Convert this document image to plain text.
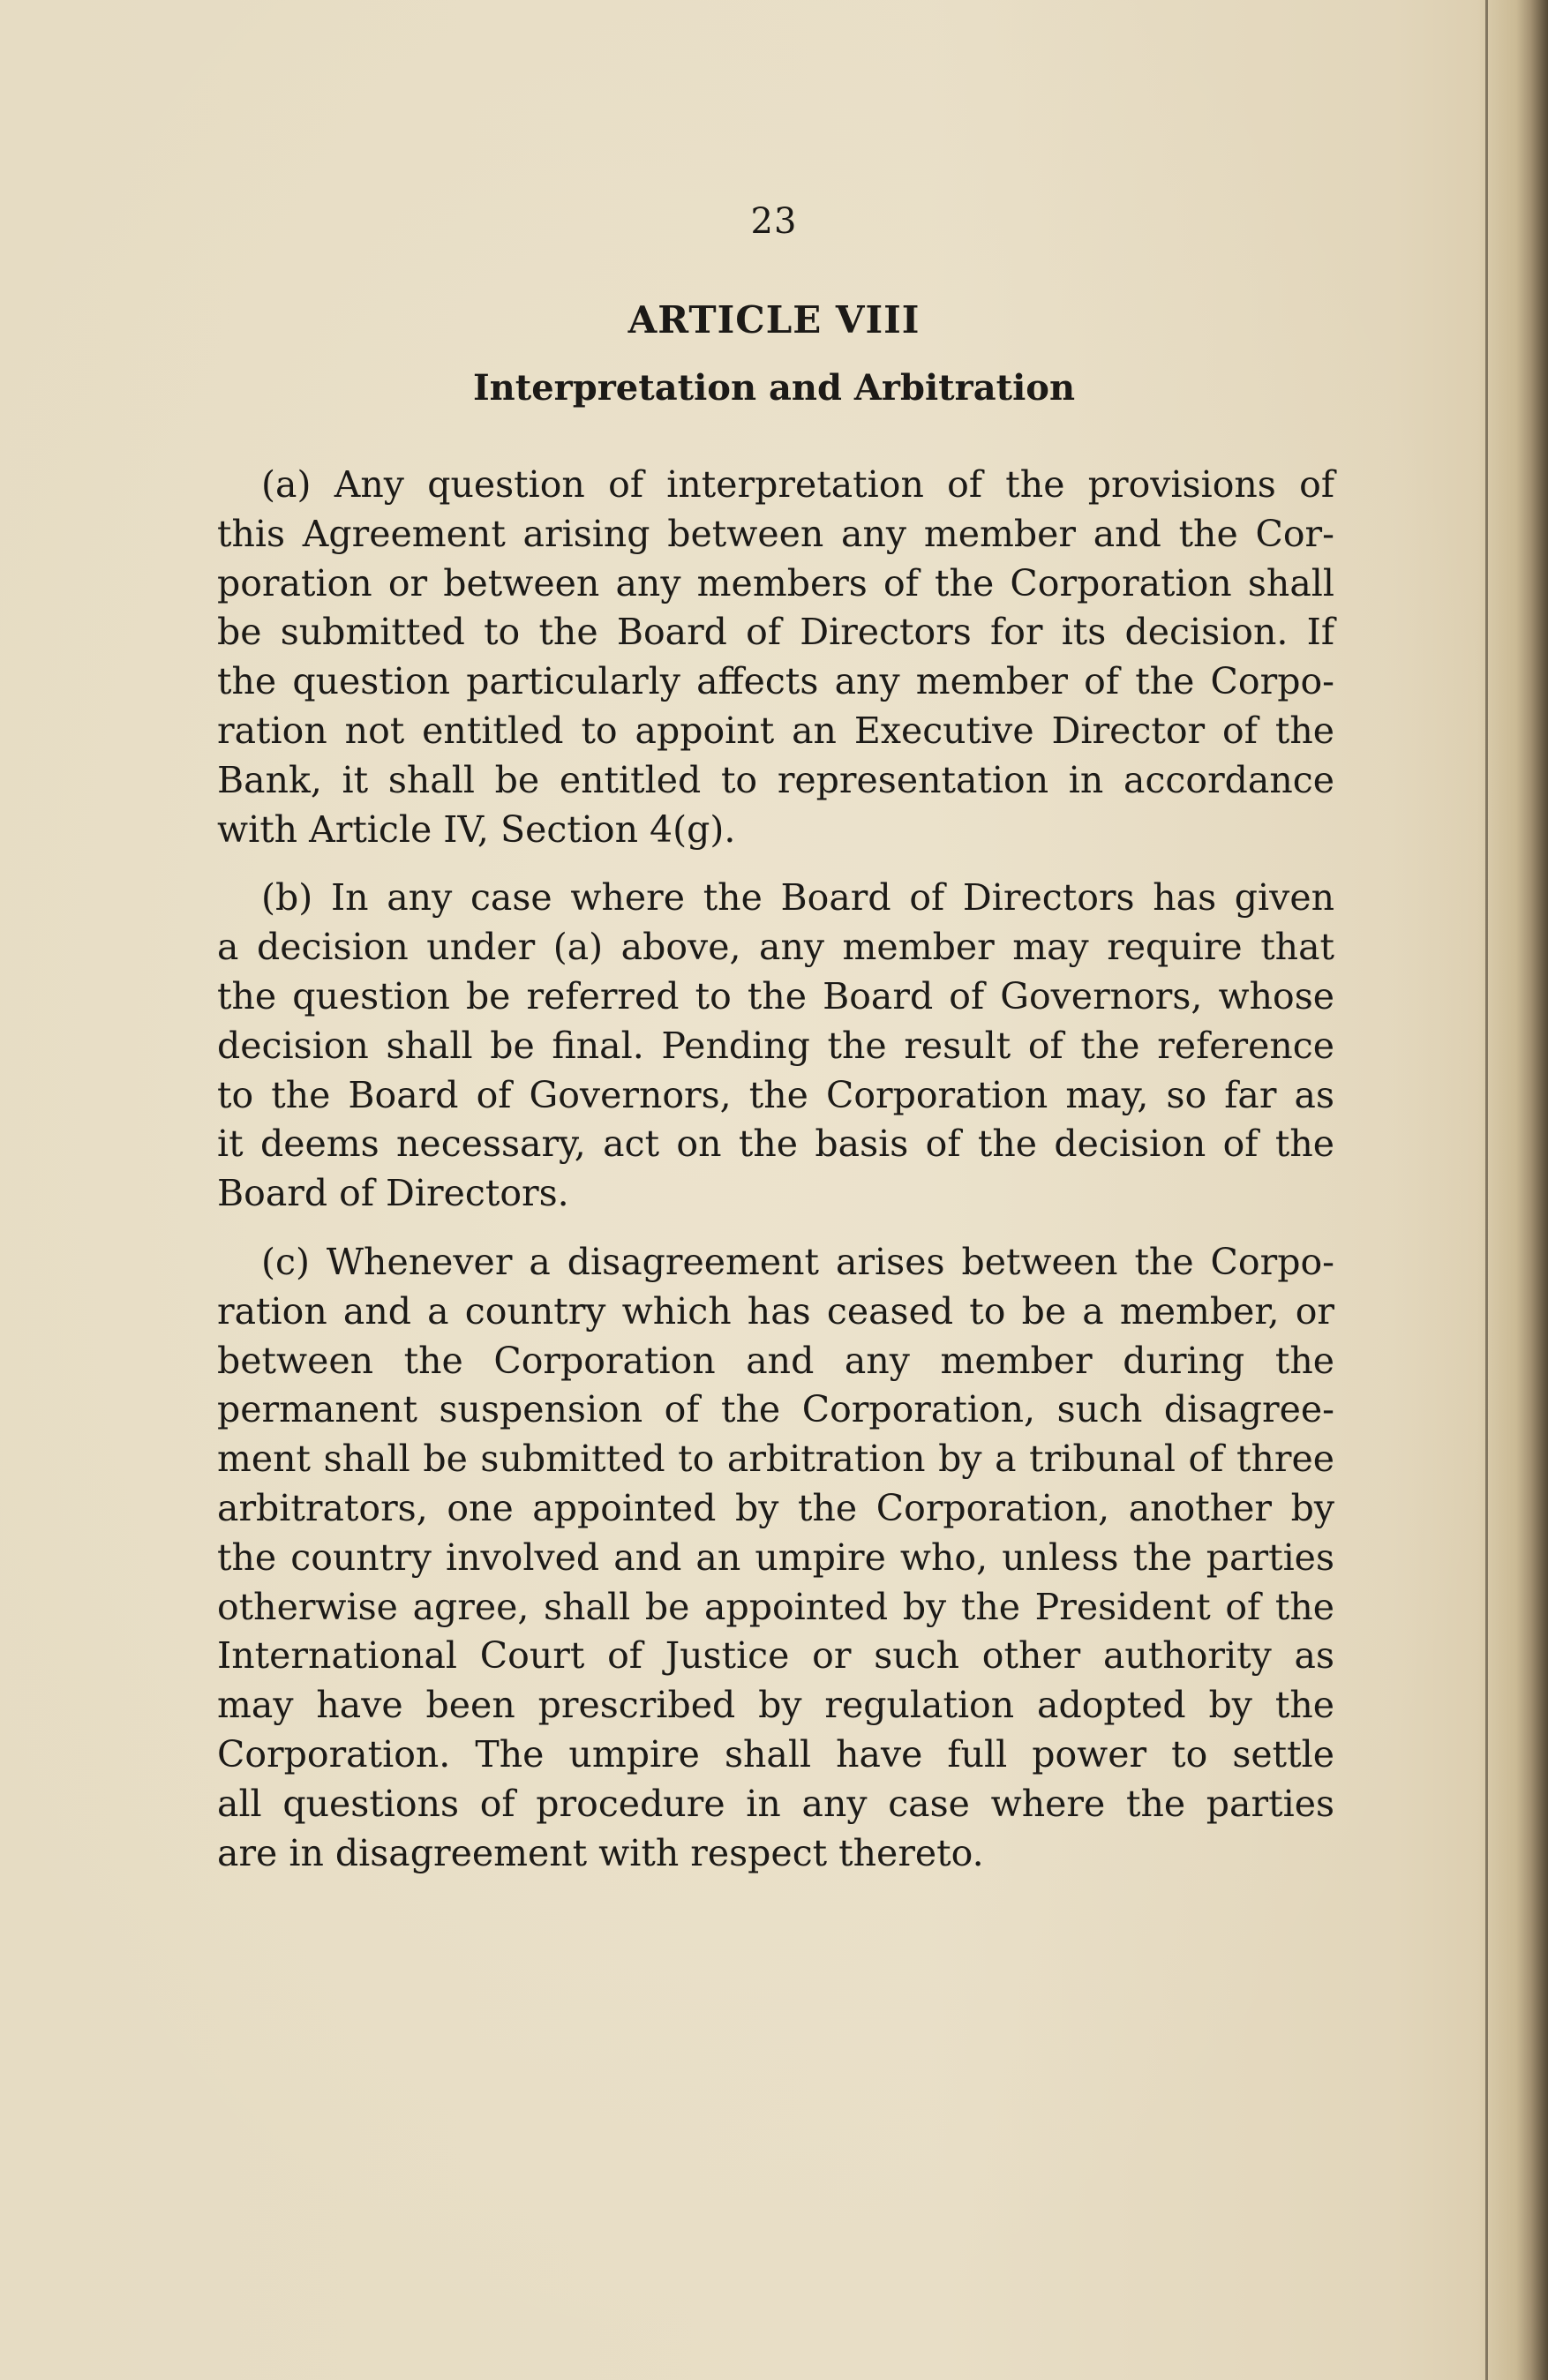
23
ARTICLE VIII
Interpretation and Arbitration

(a) Any question of interpretation of the provisions of
this Agreement arising between any member and the Cor-
poration or between any members of the Corporation shall
be submitted to the Board of Directors for its decision. If
the question particularly affects any member of the Corpo-
ration not entitled to appoint an Executive Director of the
Bank, it shall be entitled to representation in accordance
with Article IV, Section 4(g).

(b) In any case where the Board of Directors has given
a decision under (a) above, any member may require that
the question be referred to the Board of Governors, whose
decision shall be final. Pending the result of the reference
to the Board of Governors, the Corporation may, so far as
it deems necessary, act on the basis of the decision of the
Board of Directors.

(c) Whenever a disagreement arises between the Corpo-
ration and a country which has ceased to be a member, or
between the Corporation and any member during the
permanent suspension of the Corporation, such disagree-
ment shall be submitted to arbitration by a tribunal of three
arbitrators, one appointed by the Corporation, another by
the country involved and an umpire who, unless the parties
otherwise agree, shall be appointed by the President of the
International Court of Justice or such other authority as
may have been prescribed by regulation adopted by the
Corporation. The umpire shall have full power to settle
all questions of procedure in any case where the parties
are in disagreement with respect thereto.
